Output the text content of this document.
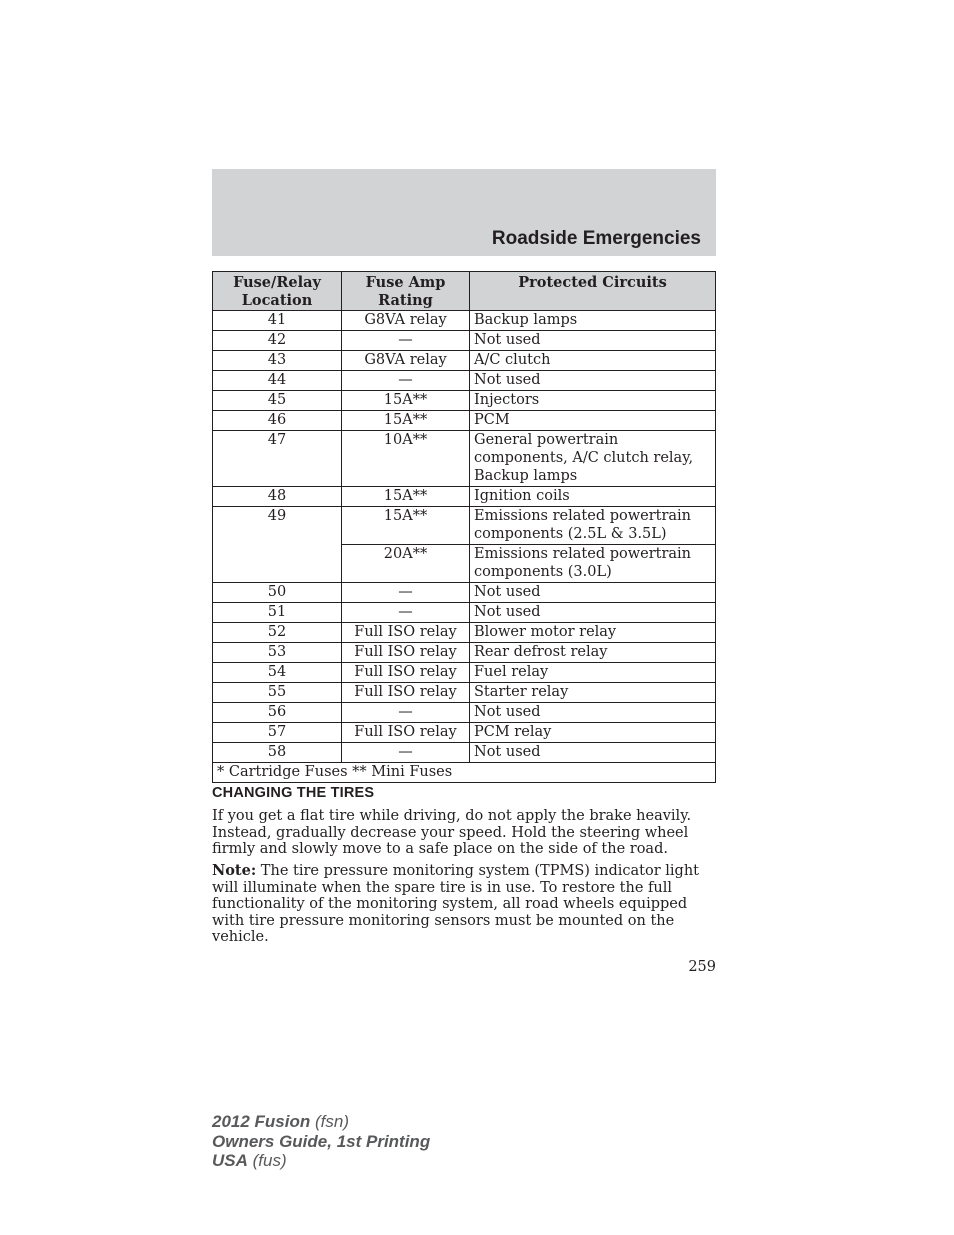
Roadside Emergencies
Fuse/Relay Location	Fuse Amp Rating	Protected Circuits
41	G8VA relay	Backup lamps
42	—	Not used
43	G8VA relay	A/C clutch
44	—	Not used
45	15A**	Injectors
46	15A**	PCM
47	10A**	General powertrain components, A/C clutch relay, Backup lamps
48	15A**	Ignition coils
49	15A**	Emissions related powertrain components (2.5L & 3.5L)
	20A**	Emissions related powertrain components (3.0L)
50	—	Not used
51	—	Not used
52	Full ISO relay	Blower motor relay
53	Full ISO relay	Rear defrost relay
54	Full ISO relay	Fuel relay
55	Full ISO relay	Starter relay
56	—	Not used
57	Full ISO relay	PCM relay
58	—	Not used
* Cartridge Fuses ** Mini Fuses		
CHANGING THE TIRES

If you get a flat tire while driving, do not apply the brake heavily. Instead, gradually decrease your speed. Hold the steering wheel firmly and slowly move to a safe place on the side of the road.

Note: The tire pressure monitoring system (TPMS) indicator light will illuminate when the spare tire is in use. To restore the full functionality of the monitoring system, all road wheels equipped with tire pressure monitoring sensors must be mounted on the vehicle.

259
2012 Fusion (fsn)
Owners Guide, 1st Printing
USA (fus)
